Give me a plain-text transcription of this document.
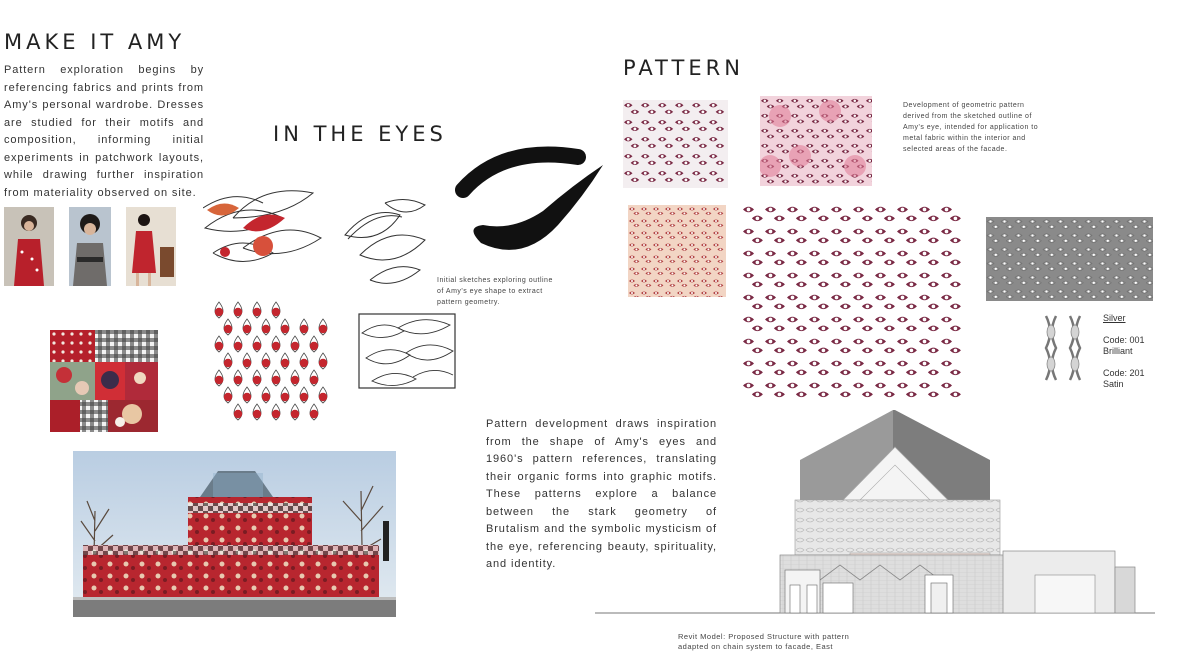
MAKE IT AMY
Pattern exploration begins by referencing fabrics and prints from Amy's personal wardrobe. Dresses are studied for their motifs and composition, informing initial experiments in patchwork layouts, while drawing further inspiration from materiality observed on site.
IN THE EYES
Initial sketches exploring outline of Amy's eye shape to extract pattern geometry.
Pattern development draws inspiration from the shape of Amy's eyes and 1960's pattern references, translating their organic forms into graphic motifs. These patterns explore a balance between the stark geometry of Brutalism and the symbolic mysticism of the eye, referencing beauty, spirituality, and identity.
PATTERN
Development of geometric pattern derived from the sketched outline of Amy's eye, intended for application to metal fabric within the interior and selected areas of the facade.
Silver
Code: 001
Brilliant
Code: 201
Satin
Revit Model: Proposed Structure with pattern
adapted on chain system to facade, East
